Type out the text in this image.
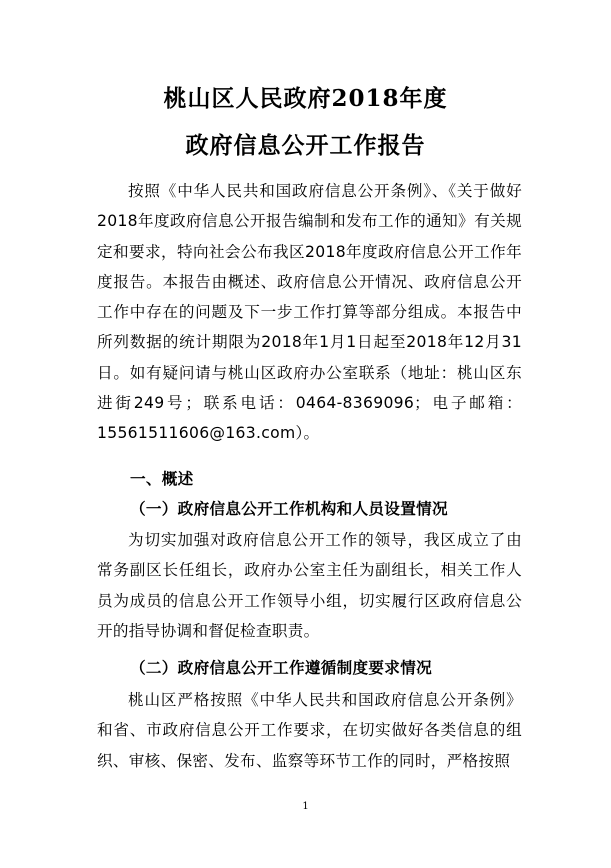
桃山区人民政府2018年度
政府信息公开工作报告

按照《中华人民共和国政府信息公开条例》、《关于做好2018年度政府信息公开报告编制和发布工作的通知》有关规定和要求，特向社会公布我区2018年度政府信息公开工作年度报告。本报告由概述、政府信息公开情况、政府信息公开工作中存在的问题及下一步工作打算等部分组成。本报告中所列数据的统计期限为2018年1月1日起至2018年12月31日。如有疑问请与桃山区政府办公室联系（地址：桃山区东进街249号；联系电话：0464-8369096；电子邮箱：15561511606@163.com）。

一、概述
（一）政府信息公开工作机构和人员设置情况

为切实加强对政府信息公开工作的领导，我区成立了由常务副区长任组长，政府办公室主任为副组长，相关工作人员为成员的信息公开工作领导小组，切实履行区政府信息公开的指导协调和督促检查职责。

（二）政府信息公开工作遵循制度要求情况

桃山区严格按照《中华人民共和国政府信息公开条例》和省、市政府信息公开工作要求，在切实做好各类信息的组织、审核、保密、发布、监察等环节工作的同时，严格按照

1
